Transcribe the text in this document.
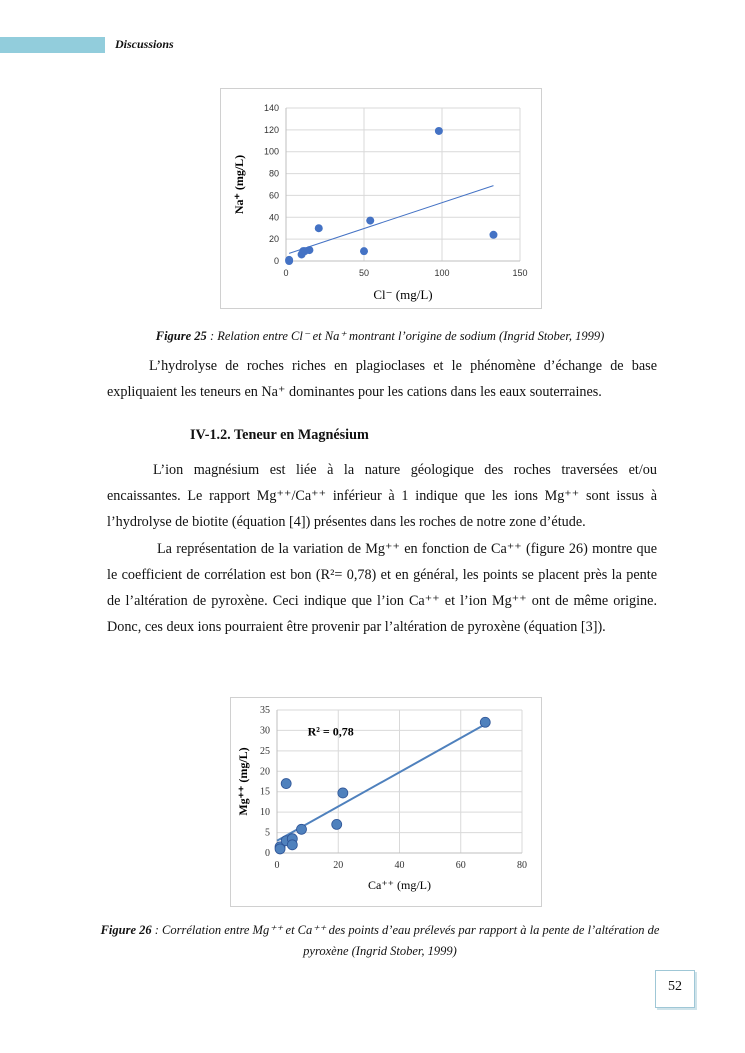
Discussions
0
20
40
60
80
100
120
140
0	50	100	150
Cl⁻ (mg/L)
Na⁺ (mg/L)
Figure 25 : Relation entre Cl⁻ et Na⁺ montrant l’origine de sodium (Ingrid Stober, 1999)
L’hydrolyse de roches riches en plagioclases et le phénomène d’échange de base expliquaient les teneurs en Na⁺ dominantes pour les cations dans les eaux souterraines.
IV-1.2. Teneur en Magnésium
L’ion magnésium est liée à la nature géologique des roches traversées et/ou encaissantes. Le rapport Mg⁺⁺/Ca⁺⁺ inférieur à 1 indique que les ions Mg⁺⁺ sont issus à l’hydrolyse de biotite (équation [4]) présentes dans les roches de notre zone d’étude.
La représentation de la variation de Mg⁺⁺ en fonction de Ca⁺⁺ (figure 26) montre que le coefficient de corrélation est bon (R²= 0,78) et en général, les points se placent près la pente de l’altération de pyroxène. Ceci indique que l’ion Ca⁺⁺ et l’ion Mg⁺⁺ ont de même origine. Donc, ces deux ions pourraient être provenir par l’altération de pyroxène (équation [3]).
0
5
10
15
20
25
30
35
0	20	40	60	80
Ca⁺⁺ (mg/L)
Mg⁺⁺ (mg/L)
R² = 0,78
Figure 26 : Corrélation entre Mg⁺⁺ et Ca⁺⁺ des points d’eau prélevés par rapport à la pente de l’altération de pyroxène (Ingrid Stober, 1999)
52
